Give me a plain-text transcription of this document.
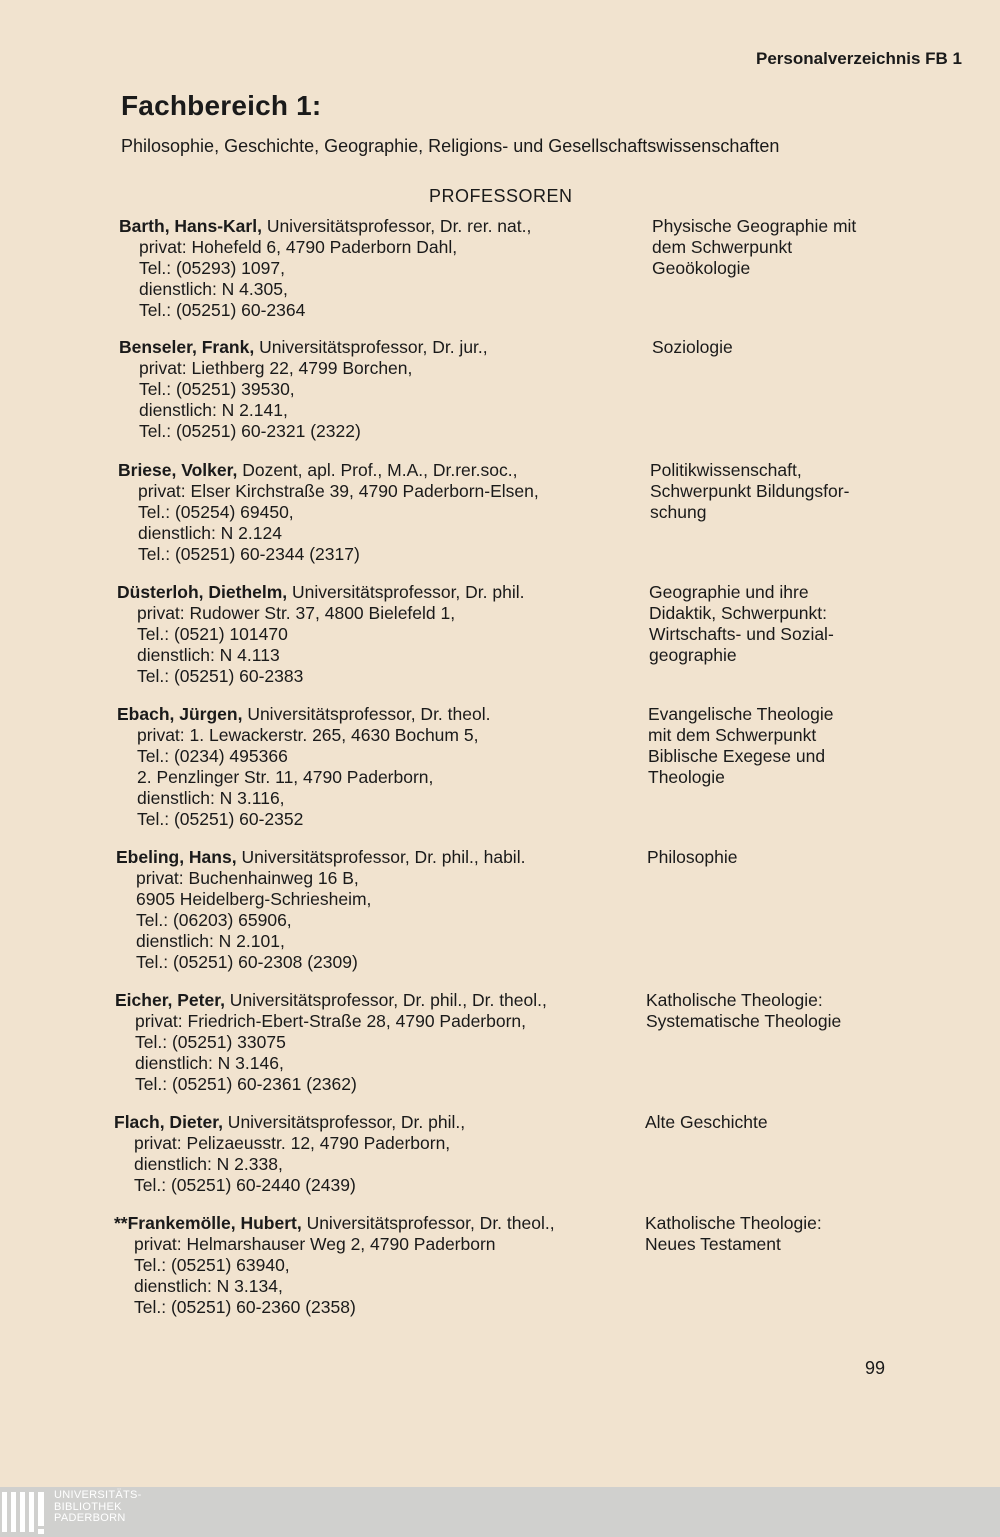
Personalverzeichnis FB 1

Fachbereich 1:

Philosophie, Geschichte, Geographie, Religions- und Gesellschaftswissenschaften

PROFESSOREN

Barth, Hans-Karl, Universitätsprofessor, Dr. rer. nat.,
privat: Hohefeld 6, 4790 Paderborn Dahl,
Tel.: (05293) 1097,
dienstlich: N 4.305,
Tel.: (05251) 60-2364
Physische Geographie mit
dem Schwerpunkt
Geoökologie
Benseler, Frank, Universitätsprofessor, Dr. jur.,
privat: Liethberg 22, 4799 Borchen,
Tel.: (05251) 39530,
dienstlich: N 2.141,
Tel.: (05251) 60-2321 (2322)
Soziologie
Briese, Volker, Dozent, apl. Prof., M.A., Dr.rer.soc.,
privat: Elser Kirchstraße 39, 4790 Paderborn-Elsen,
Tel.: (05254) 69450,
dienstlich: N 2.124
Tel.: (05251) 60-2344 (2317)
Politikwissenschaft,
Schwerpunkt Bildungsfor-
schung
Düsterloh, Diethelm, Universitätsprofessor, Dr. phil.
privat: Rudower Str. 37, 4800 Bielefeld 1,
Tel.: (0521) 101470
dienstlich: N 4.113
Tel.: (05251) 60-2383
Geographie und ihre
Didaktik, Schwerpunkt:
Wirtschafts- und Sozial-
geographie
Ebach, Jürgen, Universitätsprofessor, Dr. theol.
privat: 1. Lewackerstr. 265, 4630 Bochum 5,
Tel.: (0234) 495366
2. Penzlinger Str. 11, 4790 Paderborn,
dienstlich: N 3.116,
Tel.: (05251) 60-2352
Evangelische Theologie
mit dem Schwerpunkt
Biblische Exegese und
Theologie
Ebeling, Hans, Universitätsprofessor, Dr. phil., habil.
privat: Buchenhainweg 16 B,
6905 Heidelberg-Schriesheim,
Tel.: (06203) 65906,
dienstlich: N 2.101,
Tel.: (05251) 60-2308 (2309)
Philosophie
Eicher, Peter, Universitätsprofessor, Dr. phil., Dr. theol.,
privat: Friedrich-Ebert-Straße 28, 4790 Paderborn,
Tel.: (05251) 33075
dienstlich: N 3.146,
Tel.: (05251) 60-2361 (2362)
Katholische Theologie:
Systematische Theologie
Flach, Dieter, Universitätsprofessor, Dr. phil.,
privat: Pelizaeusstr. 12, 4790 Paderborn,
dienstlich: N 2.338,
Tel.: (05251) 60-2440 (2439)
Alte Geschichte
**Frankemölle, Hubert, Universitätsprofessor, Dr. theol.,
privat: Helmarshauser Weg 2, 4790 Paderborn
Tel.: (05251) 63940,
dienstlich: N 3.134,
Tel.: (05251) 60-2360 (2358)
Katholische Theologie:
Neues Testament

99

UNIVERSITÄTS-
BIBLIOTHEK
PADERBORN
